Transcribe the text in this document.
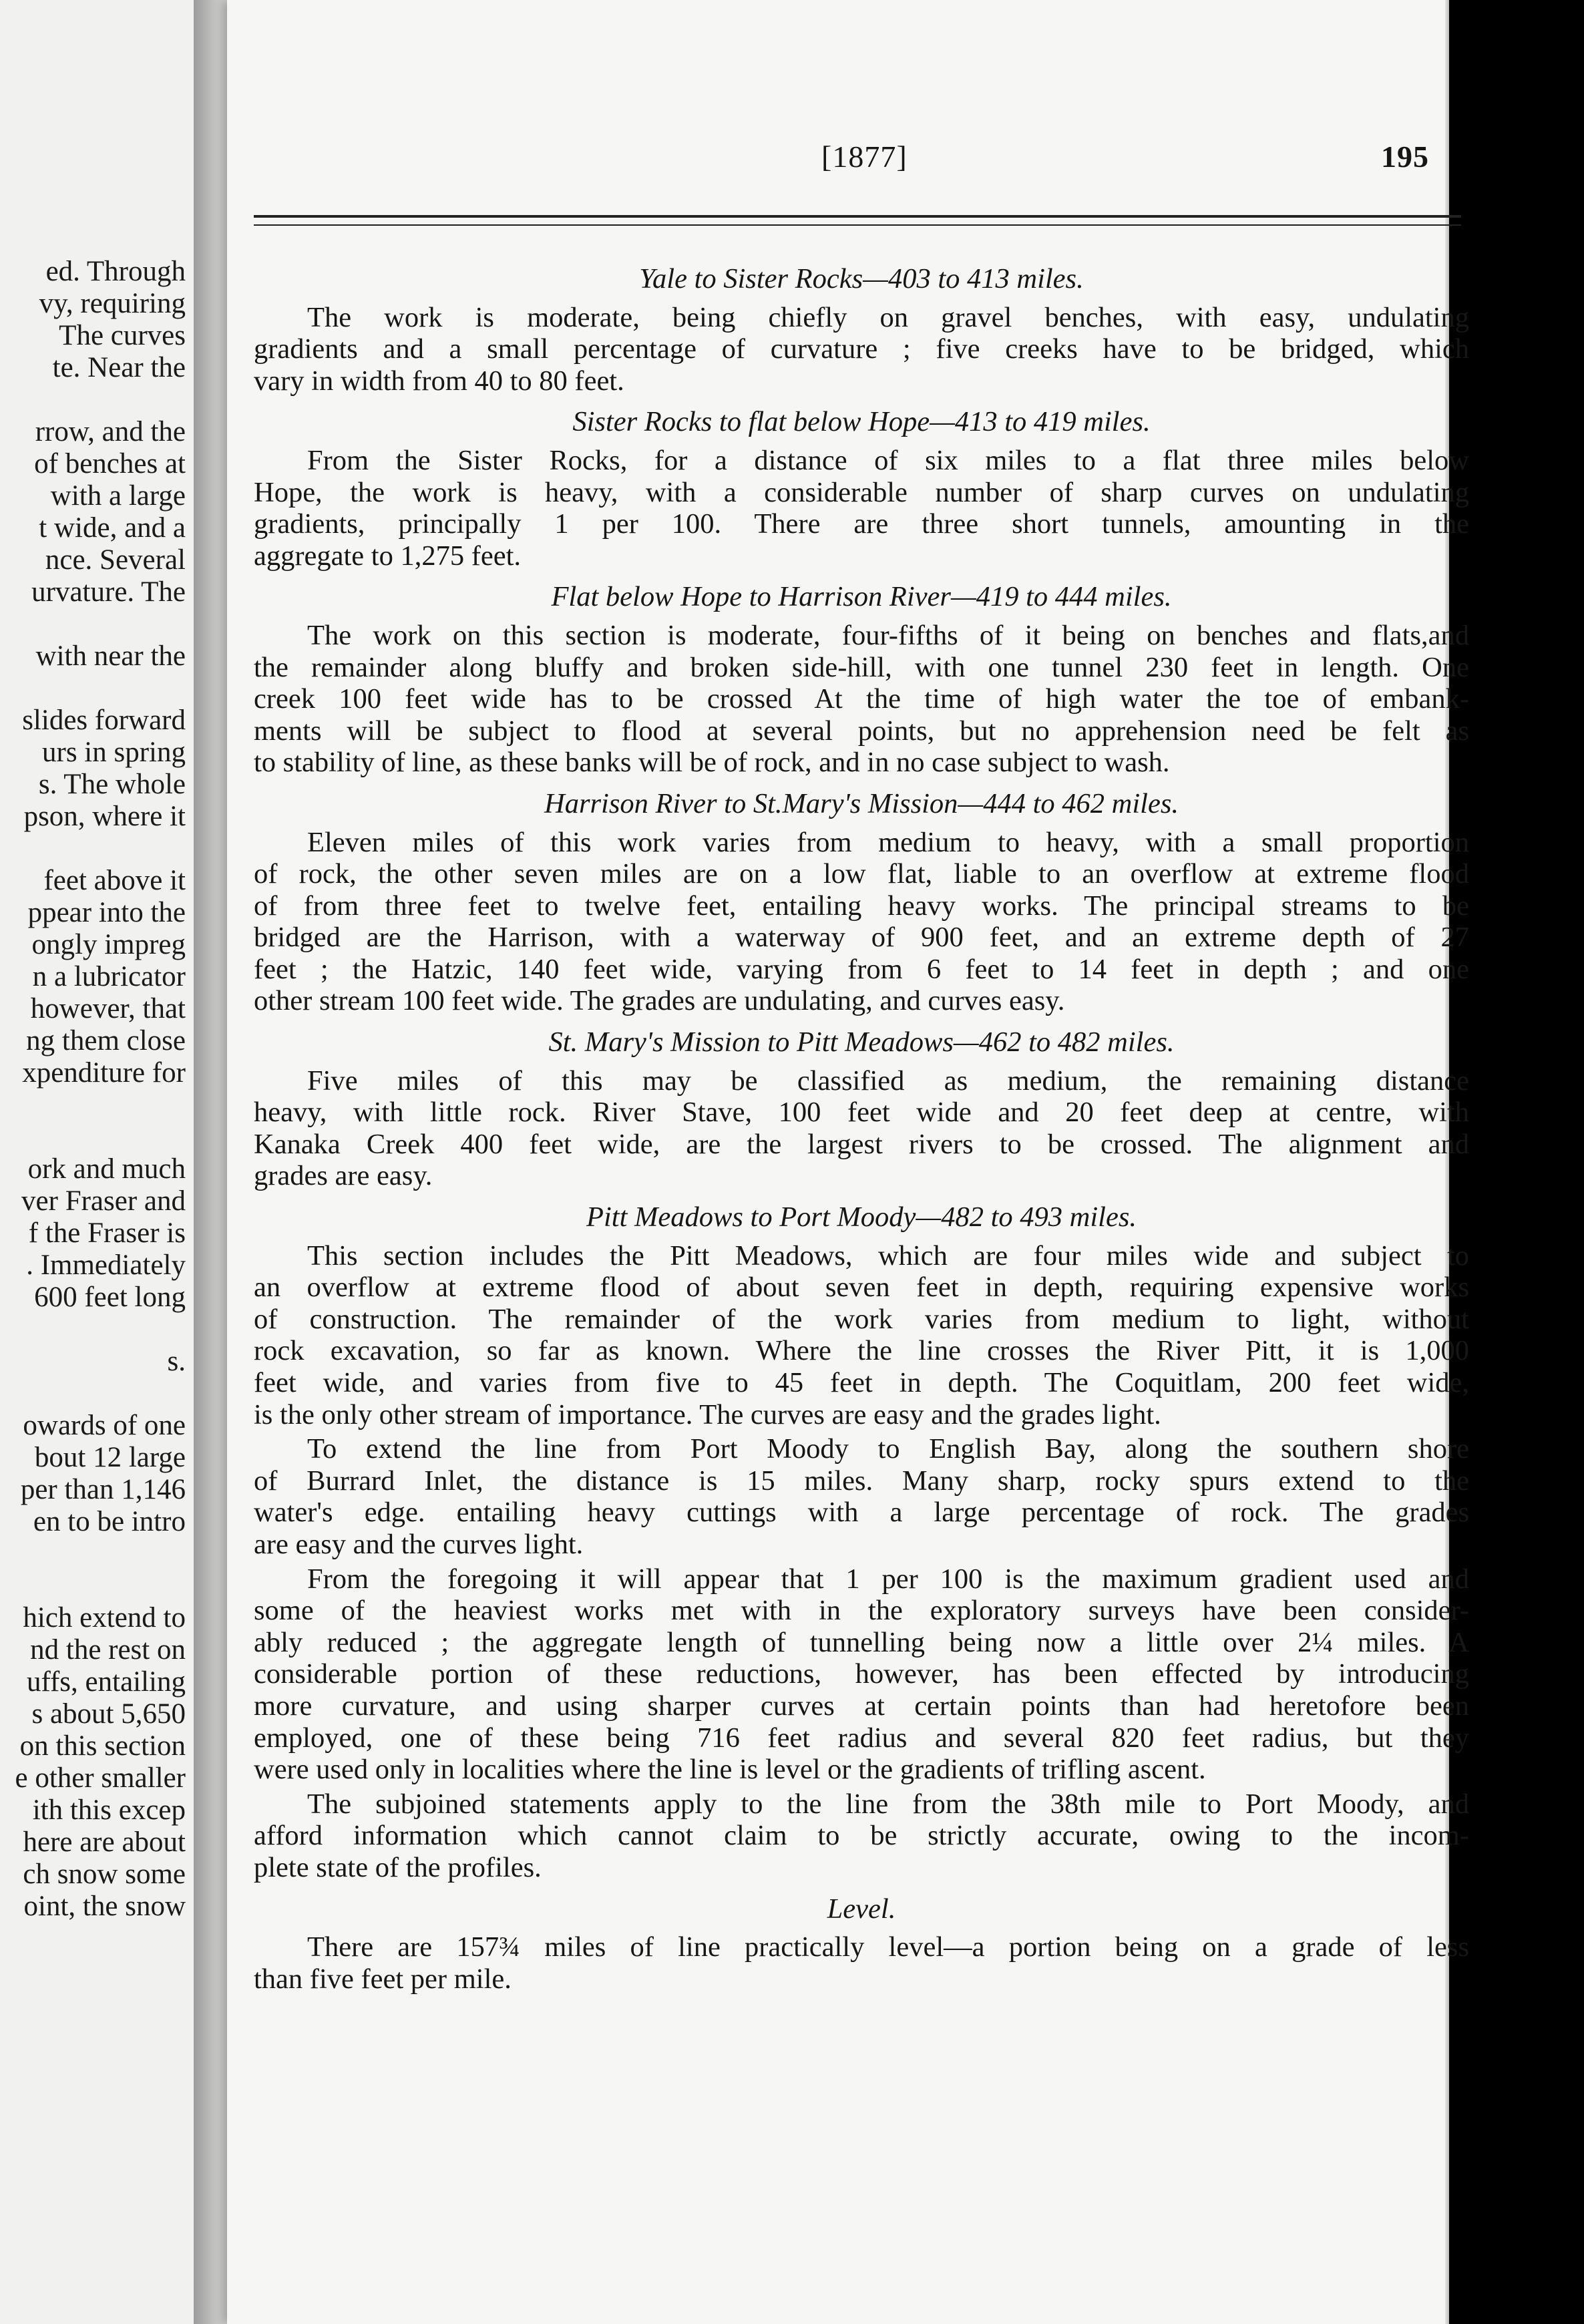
ed. Through
vy, requiring
The curves
te. Near the
rrow, and the
of benches at
with a large
t wide, and a
nce. Several
urvature. The
with near the
slides forward
urs in spring
s. The whole
pson, where it
feet above it
ppear into the
ongly impreg
n a lubricator
however, that
ng them close
xpenditure for
ork and much
ver Fraser and
f the Fraser is
. Immediately
600 feet long
s.
owards of one
bout 12 large
per than 1,146
en to be intro
hich extend to
nd the rest on
uffs, entailing
s about 5,650
on this section
e other smaller
ith this excep
here are about
ch snow some
oint, the snow
[1877]	195
Yale to Sister Rocks—403 to 413 miles.
The work is moderate, being chiefly on gravel benches, with easy, undulating
gradients and a small percentage of curvature ; five creeks have to be bridged, which
vary in width from 40 to 80 feet.
Sister Rocks to flat below Hope—413 to 419 miles.
From the Sister Rocks, for a distance of six miles to a flat three miles below
Hope, the work is heavy, with a considerable number of sharp curves on undulating
gradients, principally 1 per 100. There are three short tunnels, amounting in the
aggregate to 1,275 feet.
Flat below Hope to Harrison River—419 to 444 miles.
The work on this section is moderate, four-fifths of it being on benches and flats,and
the remainder along bluffy and broken side-hill, with one tunnel 230 feet in length. One
creek 100 feet wide has to be crossed At the time of high water the toe of embank-
ments will be subject to flood at several points, but no apprehension need be felt as
to stability of line, as these banks will be of rock, and in no case subject to wash.
Harrison River to St.Mary's Mission—444 to 462 miles.
Eleven miles of this work varies from medium to heavy, with a small proportion
of rock, the other seven miles are on a low flat, liable to an overflow at extreme flood
of from three feet to twelve feet, entailing heavy works. The principal streams to be
bridged are the Harrison, with a waterway of 900 feet, and an extreme depth of 27
feet ; the Hatzic, 140 feet wide, varying from 6 feet to 14 feet in depth ; and one
other stream 100 feet wide. The grades are undulating, and curves easy.
St. Mary's Mission to Pitt Meadows—462 to 482 miles.
Five miles of this may be classified as medium, the remaining distance
heavy, with little rock. River Stave, 100 feet wide and 20 feet deep at centre, with
Kanaka Creek 400 feet wide, are the largest rivers to be crossed. The alignment and
grades are easy.
Pitt Meadows to Port Moody—482 to 493 miles.
This section includes the Pitt Meadows, which are four miles wide and subject to
an overflow at extreme flood of about seven feet in depth, requiring expensive works
of construction. The remainder of the work varies from medium to light, without
rock excavation, so far as known. Where the line crosses the River Pitt, it is 1,000
feet wide, and varies from five to 45 feet in depth. The Coquitlam, 200 feet wide,
is the only other stream of importance. The curves are easy and the grades light.
To extend the line from Port Moody to English Bay, along the southern shore
of Burrard Inlet, the distance is 15 miles. Many sharp, rocky spurs extend to the
water's edge. entailing heavy cuttings with a large percentage of rock. The grades
are easy and the curves light.
From the foregoing it will appear that 1 per 100 is the maximum gradient used and
some of the heaviest works met with in the exploratory surveys have been consider-
ably reduced ; the aggregate length of tunnelling being now a little over 2¼ miles. A
considerable portion of these reductions, however, has been effected by introducing
more curvature, and using sharper curves at certain points than had heretofore been
employed, one of these being 716 feet radius and several 820 feet radius, but they
were used only in localities where the line is level or the gradients of trifling ascent.
The subjoined statements apply to the line from the 38th mile to Port Moody, and
afford information which cannot claim to be strictly accurate, owing to the incom-
plete state of the profiles.
Level.
There are 157¾ miles of line practically level—a portion being on a grade of less
than five feet per mile.
